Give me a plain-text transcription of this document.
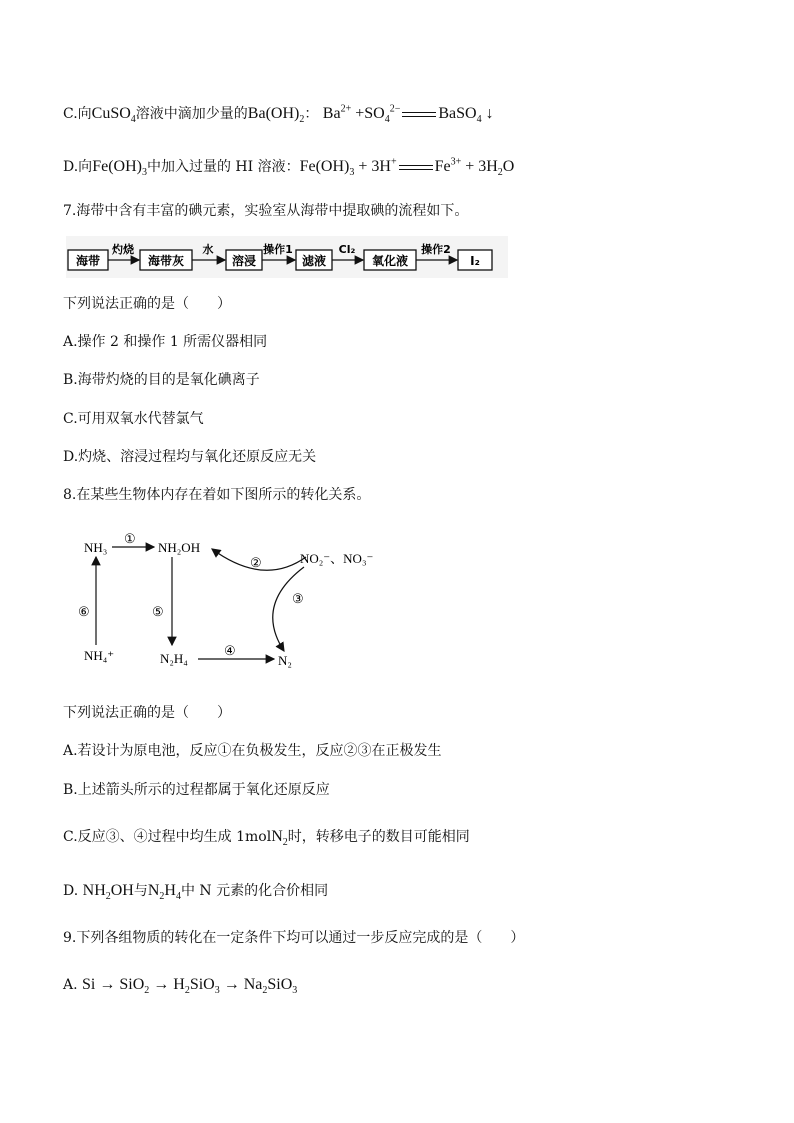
C.向CuSO$_4$溶液中滴加少量的$Ba(OH)_2$： $Ba^{2+} +SO_4^{2-}$ BaSO$_4$ ↓
D.向$Fe(OH)_3$中加入过量的 HI 溶液：$Fe(OH)_3 + 3H^+$ $Fe^{3+} + 3H_2O$
7.海带中含有丰富的碘元素，实验室从海带中提取碘的流程如下。
海带	海带灰	溶浸	滤液	氧化液	I₂
灼烧	水	操作1	Cl₂	操作2
下列说法正确的是（　　）
A.操作 2 和操作 1 所需仪器相同
B.海带灼烧的目的是氧化碘离子
C.可用双氧水代替氯气
D.灼烧、溶浸过程均与氧化还原反应无关
8.在某些生物体内存在着如下图所示的转化关系。
NH₃	NH₂OH
NO₂⁻、NO₃⁻
NH₄⁺	N₂H₄	N₂
①
②
③
④
⑤
⑥
下列说法正确的是（　　）
A.若设计为原电池，反应①在负极发生，反应②③在正极发生
B.上述箭头所示的过程都属于氧化还原反应
C.反应③、④过程中均生成 1molN$_2$时，转移电子的数目可能相同
D. $NH_2OH$与$N_2H_4$中 N 元素的化合价相同
9.下列各组物质的转化在一定条件下均可以通过一步反应完成的是（　　）
A. $Si \to SiO_2 \to H_2SiO_3 \to Na_2SiO_3$
